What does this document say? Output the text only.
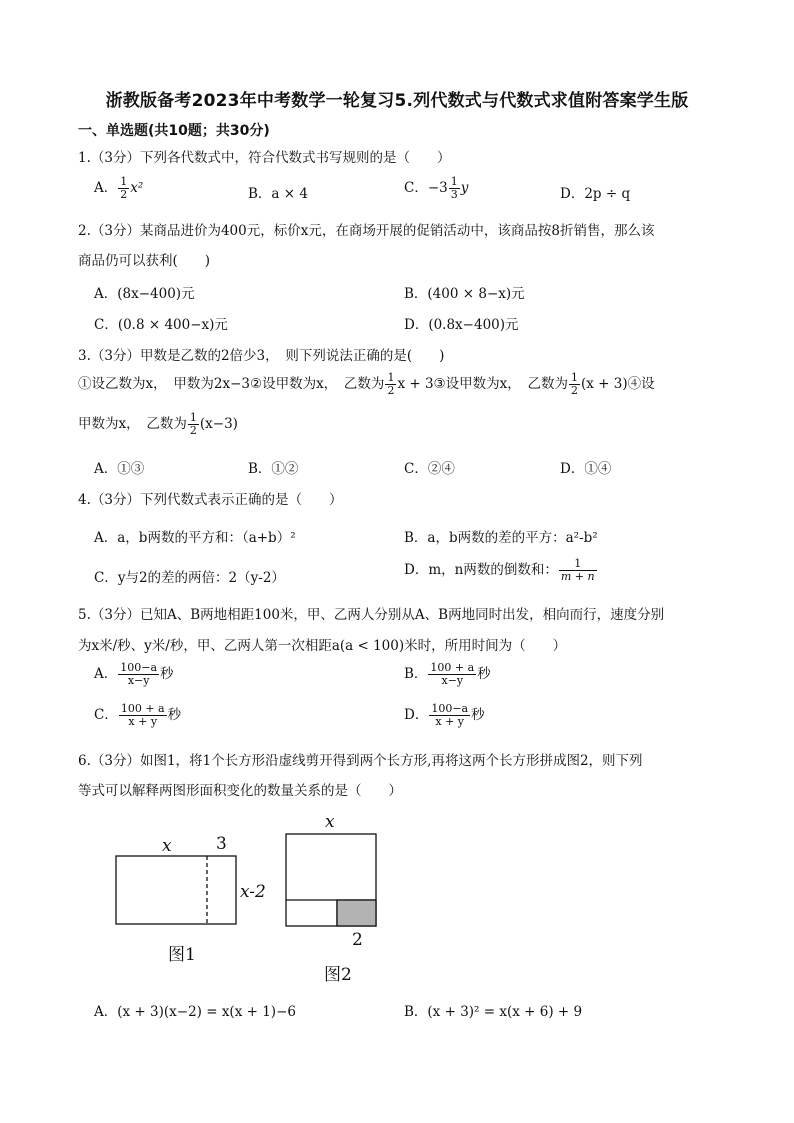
浙教版备考2023年中考数学一轮复习5.列代数式与代数式求值附答案学生版
一、单选题(共10题；共30分)
1.（3分）下列各代数式中，符合代数式书写规则的是（　　）
A． $\frac{1}{2} x^2$	B．a × 4	C．$-3 \frac{1}{3}$ y	D．2p ÷ q
2.（3分）某商品进价为400元，标价x元，在商场开展的促销活动中，该商品按8折销售，那么该
商品仍可以获利(　　)
A．(8x−400)元	B．(400 × 8−x)元
C．(0.8 × 400−x)元	D．(0.8x−400)元
3.（3分）甲数是乙数的2倍少3，　则下列说法正确的是(　　)
①设乙数为x，　甲数为2x−3②设甲数为x，　乙数为 $\frac{1}{2}$ x + 3③设甲数为x，　乙数为 $\frac{1}{2} (x$ + 3)④设
甲数为x，　乙数为 $\frac{1}{2} (x-3)$
A．①③	B．①②	C．②④	D．①④
4.（3分）下列代数式表示正确的是（　　）
A．a，b两数的平方和：（a+b）²	B．a，b两数的差的平方：a²-b²
C．y与2的差的两倍：2（y-2）	D．m，n两数的倒数和： $\frac{1}{m + n}$
5.（3分）已知A、B两地相距100米，甲、乙两人分别从A、B两地同时出发，相向而行，速度分别
为x米/秒、y米/秒，甲、乙两人第一次相距a(a < 100)米时，所用时间为（　　）
A． $\frac{100-a}{x-y}$ 秒	B． $\frac{100 + a}{x-y}$ 秒
C． $\frac{100 + a}{x + y}$ 秒	D． $\frac{100-a}{x + y}$ 秒
6.（3分）如图1，将1个长方形沿虚线剪开得到两个长方形,再将这两个长方形拼成图2，则下列
等式可以解释两图形面积变化的数量关系的是（　　）
x	3
x-2
图1
x
2
图2
A．(x + 3)(x−2) = x(x + 1)−6	B．(x + 3)² = x(x + 6) + 9
